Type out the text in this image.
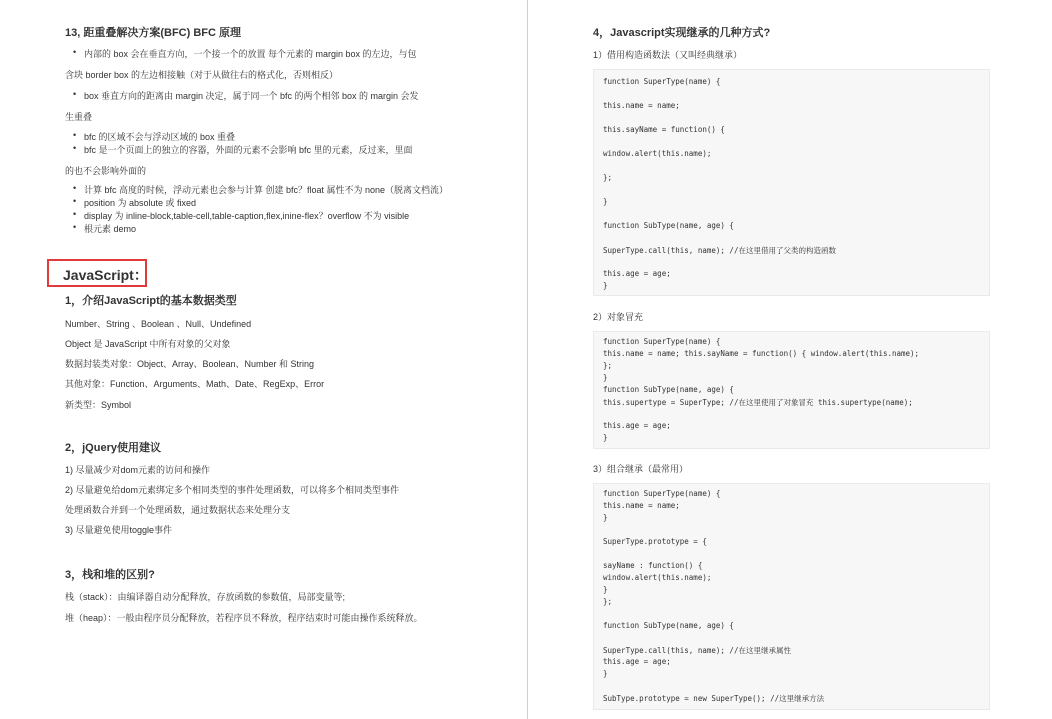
13, 距重叠解决方案(BFC) BFC 原理
• 内部的 box 会在垂直方向，一个接一个的放置 每个元素的 margin box 的左边，与包
含块 border box 的左边相接触（对于从做往右的格式化，否则相反）
• box 垂直方向的距离由 margin 决定，属于同一个 bfc 的两个相邻 box 的 margin 会发
生重叠
• bfc 的区域不会与浮动区域的 box 重叠
• bfc 是一个页面上的独立的容器，外面的元素不会影响 bfc 里的元素，反过来，里面
的也不会影响外面的
• 计算 bfc 高度的时候，浮动元素也会参与计算 创建 bfc？float 属性不为 none（脱离文档流）
• position 为 absolute 或 fixed
• display 为 inline-block,table-cell,table-caption,flex,inine-flex？overflow 不为 visible
• 根元素 demo
JavaScript：
1，介绍JavaScript的基本数据类型
Number、String 、Boolean 、Null、Undefined
Object 是 JavaScript 中所有对象的父对象
数据封装类对象：Object、Array、Boolean、Number 和 String
其他对象：Function、Arguments、Math、Date、RegExp、Error
新类型：Symbol
2，jQuery使用建议
1) 尽量减少对dom元素的访问和操作
2) 尽量避免给dom元素绑定多个相同类型的事件处理函数，可以将多个相同类型事件
处理函数合并到一个处理函数，通过数据状态来处理分支
3) 尽量避免使用toggle事件
3，栈和堆的区别?
栈（stack）：由编译器自动分配释放，存放函数的参数值，局部变量等;
堆（heap）：一般由程序员分配释放，若程序员不释放，程序结束时可能由操作系统释放。
4，Javascript实现继承的几种方式?
1）借用构造函数法（又叫经典继承）
function SuperType(name) {
this.name = name;
this.sayName = function() {
window.alert(this.name);
};
}
function SubType(name, age) {
SuperType.call(this, name); //在这里借用了父类的构造函数
this.age = age;
}
2）对象冒充
function SuperType(name) {
this.name = name; this.sayName = function() { window.alert(this.name);
};
}
function SubType(name, age) {
this.supertype = SuperType; //在这里使用了对象冒充 this.supertype(name);
this.age = age;
}
3）组合继承（最常用）
function SuperType(name) {
this.name = name;
}
SuperType.prototype = {
sayName : function() {
window.alert(this.name);
}
};
function SubType(name, age) {
SuperType.call(this, name); //在这里继承属性
this.age = age;
}
SubType.prototype = new SuperType(); //这里继承方法
